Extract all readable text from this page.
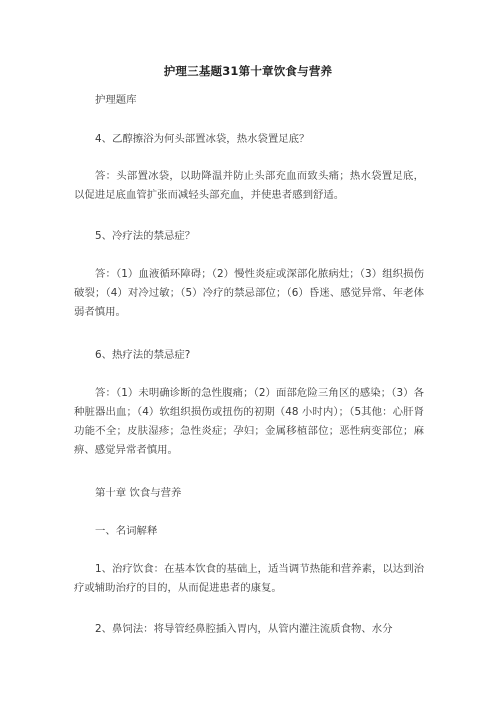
护理三基题31第十章饮食与营养

护理题库

4、乙醇擦浴为何头部置冰袋，热水袋置足底？

答：头部置冰袋，以助降温并防止头部充血而致头痛；热水袋置足底，以促进足底血管扩张而减轻头部充血，并使患者感到舒适。

5、冷疗法的禁忌症？

答：（1）血液循环障碍；（2）慢性炎症或深部化脓病灶；（3）组织损伤破裂；（4）对冷过敏；（5）冷疗的禁忌部位；（6）昏迷、感觉异常、年老体弱者慎用。

6、热疗法的禁忌症?

答：（1）未明确诊断的急性腹痛；（2）面部危险三角区的感染；（3）各种脏器出血；（4）软组织损伤或扭伤的初期（48 小时内）；（5其他：心肝肾功能不全；皮肤湿疹；急性炎症；孕妇；金属移植部位；恶性病变部位；麻痹、感觉异常者慎用。

第十章 饮食与营养

一、名词解释

1、治疗饮食：在基本饮食的基础上，适当调节热能和营养素，以达到治疗或辅助治疗的目的，从而促进患者的康复。

2、鼻饲法：将导管经鼻腔插入胃内，从管内灌注流质食物、水分
